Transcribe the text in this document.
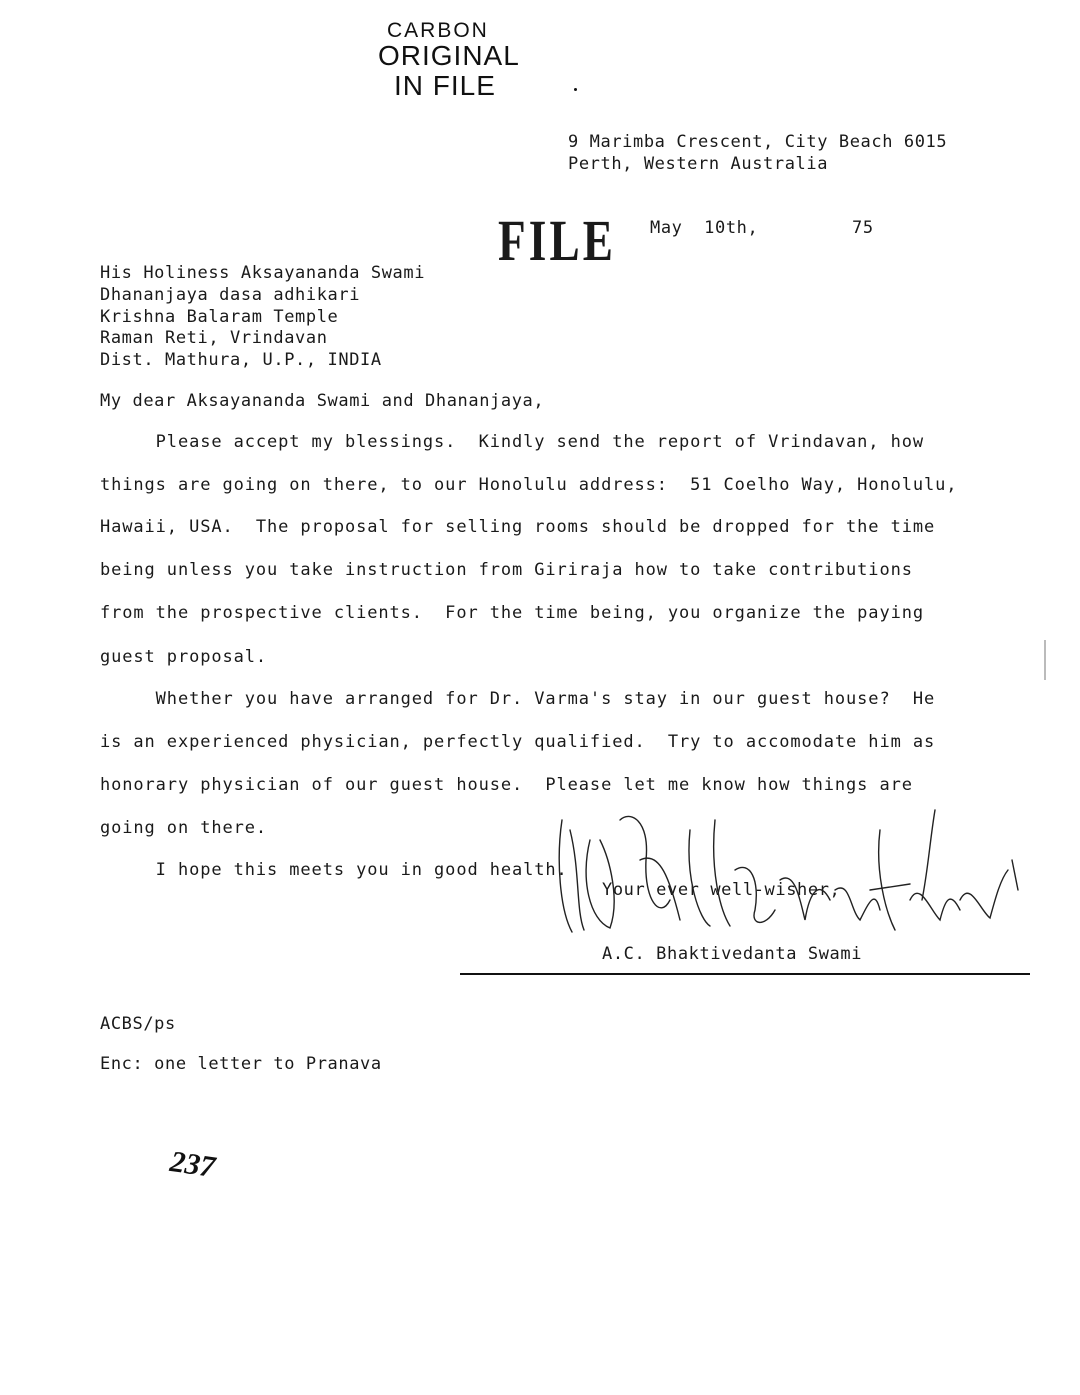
CARBON
ORIGINAL
IN FILE
9 Marimba Crescent, City Beach 6015
Perth, Western Australia
FILE May  10th,	75
His Holiness Aksayananda Swami
Dhananjaya dasa adhikari
Krishna Balaram Temple
Raman Reti, Vrindavan
Dist. Mathura, U.P., INDIA
My dear Aksayananda Swami and Dhananjaya,
Please accept my blessings.  Kindly send the report of Vrindavan, how
things are going on there, to our Honolulu address:  51 Coelho Way, Honolulu,
Hawaii, USA.  The proposal for selling rooms should be dropped for the time
being unless you take instruction from Giriraja how to take contributions
from the prospective clients.  For the time being, you organize the paying
guest proposal.
Whether you have arranged for Dr. Varma's stay in our guest house?  He
is an experienced physician, perfectly qualified.  Try to accomodate him as
honorary physician of our guest house.  Please let me know how things are
going on there.
I hope this meets you in good health.
Your ever well-wisher,
A.C. Bhaktivedanta Swami
ACBS/ps
Enc: one letter to Pranava
237
